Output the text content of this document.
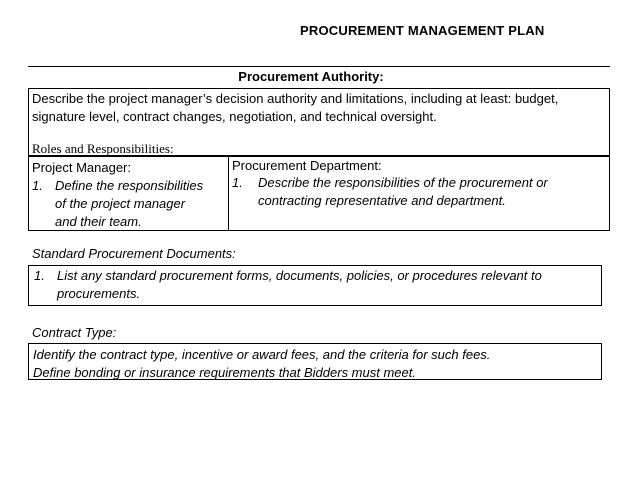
PROCUREMENT MANAGEMENT PLAN
Procurement Authority:
Describe the project manager’s decision authority and limitations, including at least: budget,
signature level, contract changes, negotiation, and technical oversight.
Roles and Responsibilities:
Project Manager:
1. Define the responsibilities
of the project manager
and their team.
Procurement Department:
1.	Describe the responsibilities of the procurement or
contracting representative and department.
Standard Procurement Documents:
1. List any standard procurement forms, documents, policies, or procedures relevant to
procurements.
Contract Type:
Identify the contract type, incentive or award fees, and the criteria for such fees.
Define bonding or insurance requirements that Bidders must meet.
